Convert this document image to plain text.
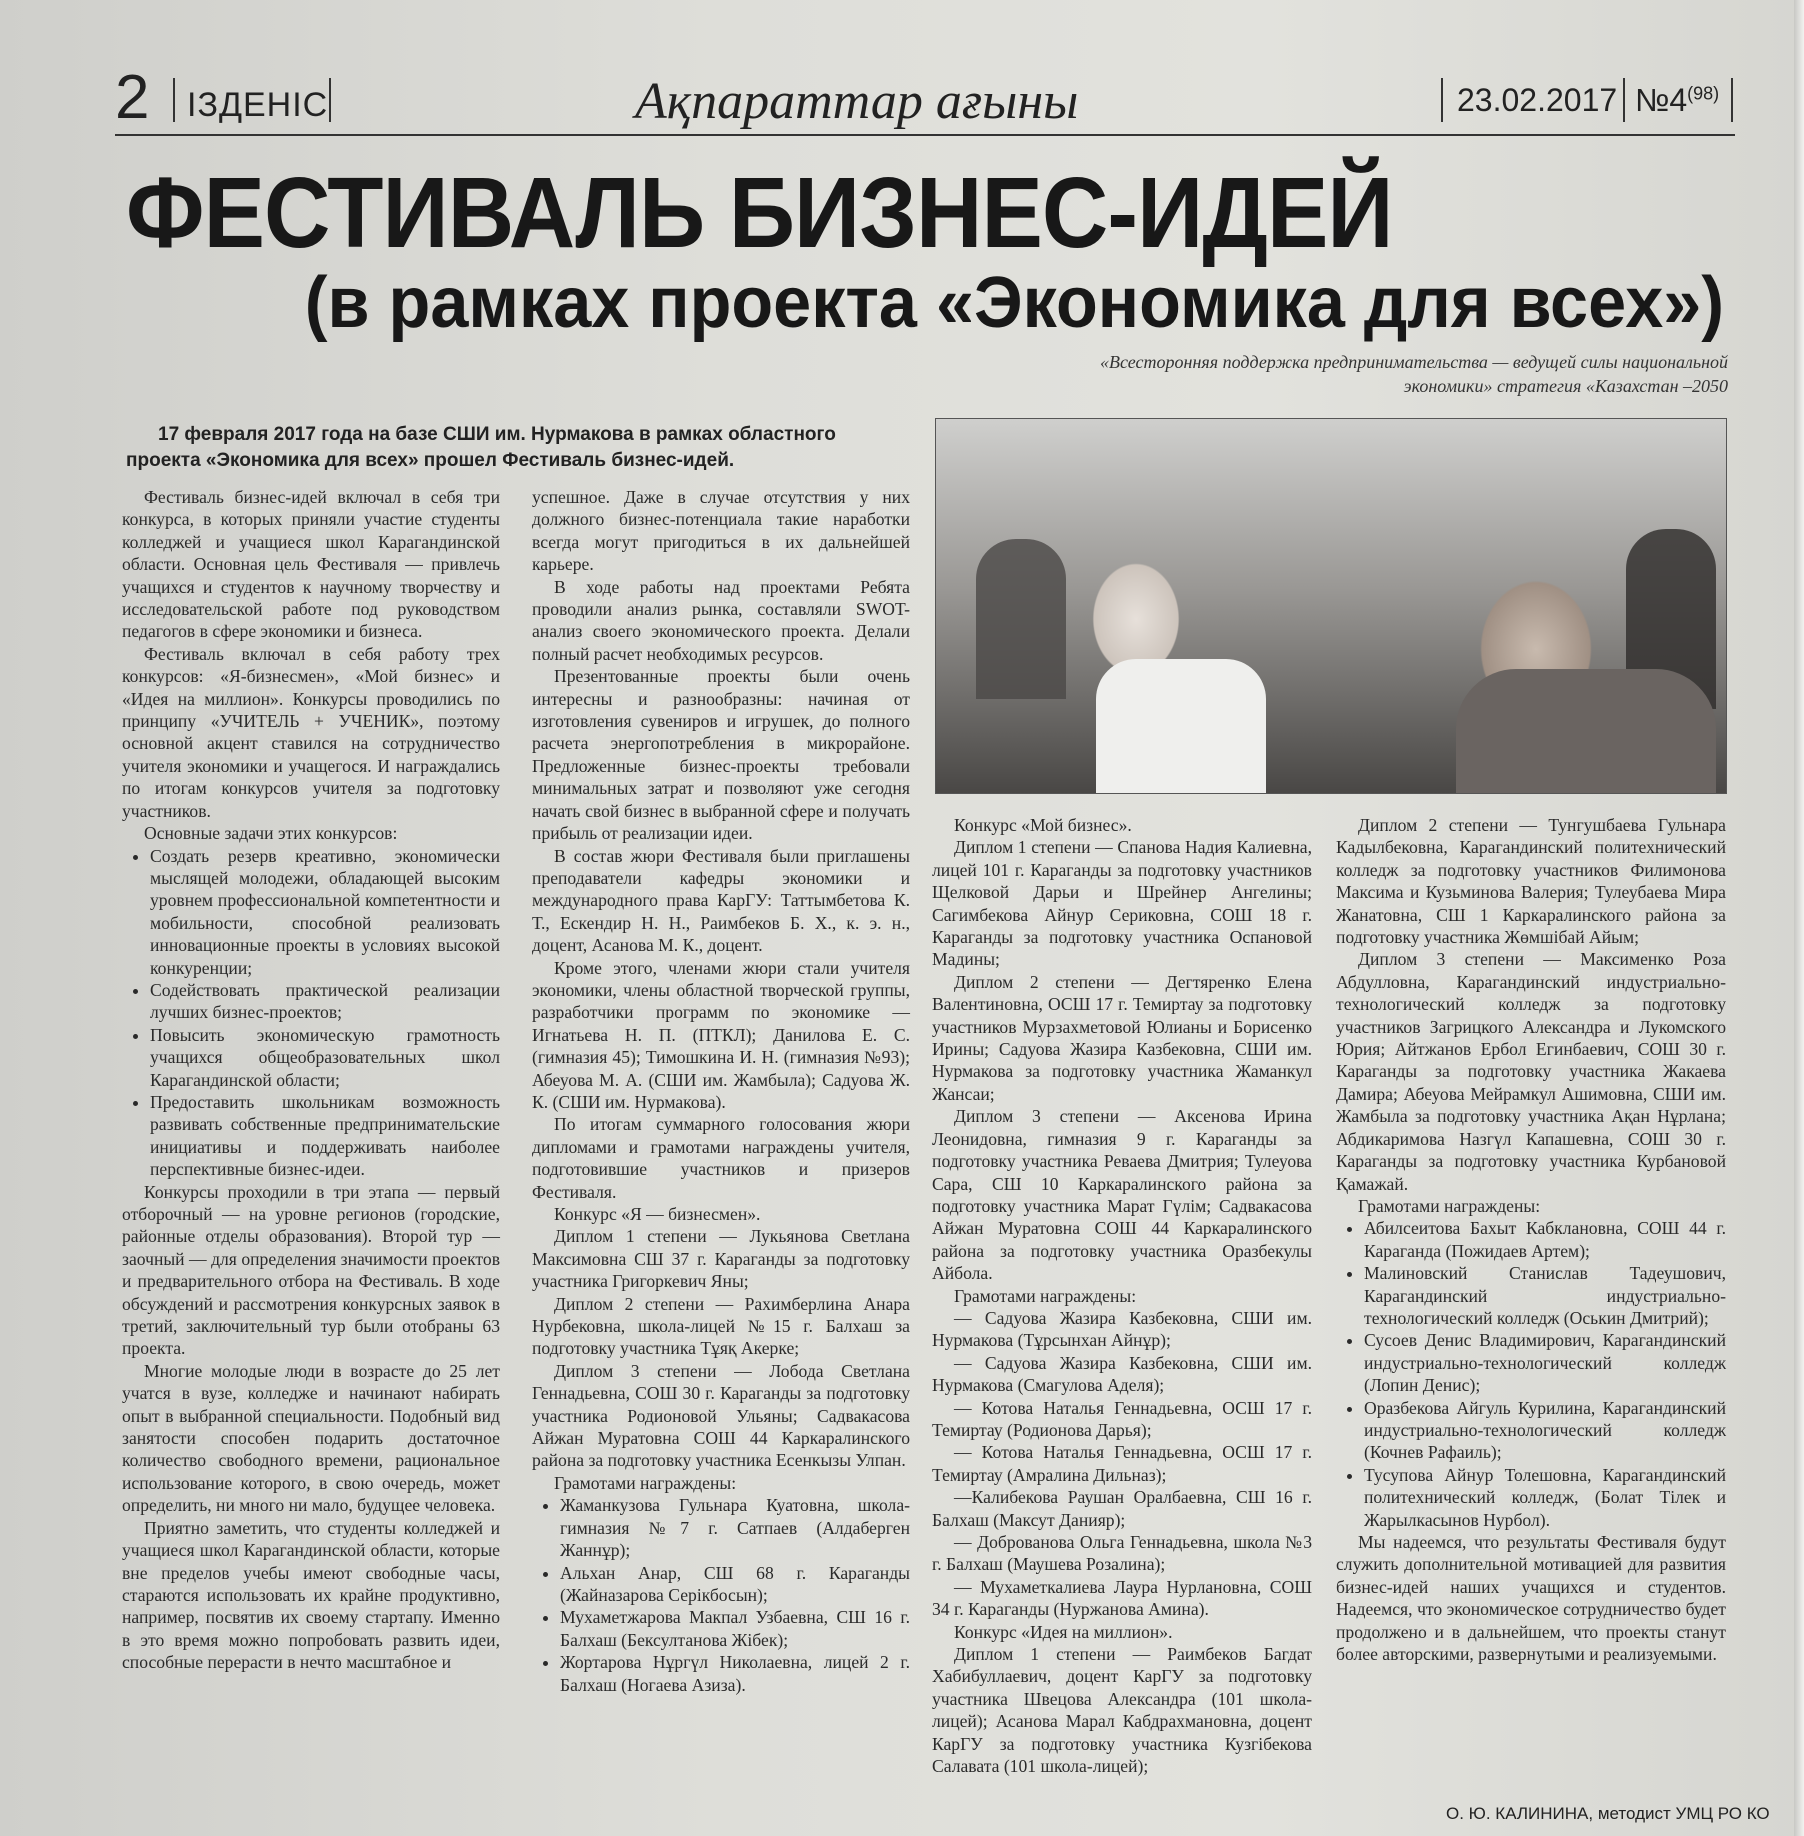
2 ІЗДЕНІС	Ақпараттар ағыны	23.02.2017 №4$^{(98)}$
ФЕСТИВАЛЬ БИЗНЕС-ИДЕЙ
(в рамках проекта «Экономика для всех»)
«Всесторонняя поддержка предпринимательства — ведущей силы национальной экономики» стратегия «Казахстан –2050
17 февраля 2017 года на базе СШИ им. Нурмакова в рамках областного проекта «Экономика для всех» прошел Фестиваль бизнес-идей.

Фестиваль бизнес-идей включал в себя три конкурса, в которых приняли участие студенты колледжей и учащиеся школ Карагандинской области. Основная цель Фестиваля — привлечь учащихся и студентов к научному творчеству и исследовательской работе под руководством педагогов в сфере экономики и бизнеса.

Фестиваль включал в себя работу трех конкурсов: «Я-бизнесмен», «Мой бизнес» и «Идея на миллион». Конкурсы проводились по принципу «УЧИТЕЛЬ + УЧЕНИК», поэтому основной акцент ставился на сотрудничество учителя экономики и учащегося. И награждались по итогам конкурсов учителя за подготовку участников.

Основные задачи этих конкурсов:

• Создать резерв креативно, экономически мыслящей молодежи, обладающей высоким уровнем профессиональной компетентности и мобильности, способной реализовать инновационные проекты в условиях высокой конкуренции;
• Содействовать практической реализации лучших бизнес-проектов;
• Повысить экономическую грамотность учащихся общеобразовательных школ Карагандинской области;
• Предоставить школьникам возможность развивать собственные предпринимательские инициативы и поддерживать наиболее перспективные бизнес-идеи.

Конкурсы проходили в три этапа — первый отборочный — на уровне регионов (городские, районные отделы образования). Второй тур — заочный — для определения значимости проектов и предварительного отбора на Фестиваль. В ходе обсуждений и рассмотрения конкурсных заявок в третий, заключительный тур были отобраны 63 проекта.

Многие молодые люди в возрасте до 25 лет учатся в вузе, колледже и начинают набирать опыт в выбранной специальности. Подобный вид занятости способен подарить достаточное количество свободного времени, рациональное использование которого, в свою очередь, может определить, ни много ни мало, будущее человека.

Приятно заметить, что студенты колледжей и учащиеся школ Карагандинской области, которые вне пределов учебы имеют свободные часы, стараются использовать их крайне продуктивно, например, посвятив их своему стартапу. Именно в это время можно попробовать развить идеи, способные перерасти в нечто масштабное и

успешное. Даже в случае отсутствия у них должного бизнес-потенциала такие наработки всегда могут пригодиться в их дальнейшей карьере.

В ходе работы над проектами Ребята проводили анализ рынка, составляли SWOT- анализ своего экономического проекта. Делали полный расчет необходимых ресурсов.

Презентованные проекты были очень интересны и разнообразны: начиная от изготовления сувениров и игрушек, до полного расчета энергопотребления в микрорайоне. Предложенные бизнес-проекты требовали минимальных затрат и позволяют уже сегодня начать свой бизнес в выбранной сфере и получать прибыль от реализации идеи.

В состав жюри Фестиваля были приглашены преподаватели кафедры экономики и международного права КарГУ: Таттымбетова К. Т., Ескендир Н. Н., Раимбеков Б. Х., к. э. н., доцент, Асанова М. К., доцент.

Кроме этого, членами жюри стали учителя экономики, члены областной творческой группы, разработчики программ по экономике — Игнатьева Н. П. (ПТКЛ); Данилова Е. С. (гимназия 45); Тимошкина И. Н. (гимназия №93); Абеуова М. А. (СШИ им. Жамбыла); Садуова Ж. К. (СШИ им. Нурмакова).

По итогам суммарного голосования жюри дипломами и грамотами награждены учителя, подготовившие участников и призеров Фестиваля.

Конкурс «Я — бизнесмен».

Диплом 1 степени — Лукьянова Светлана Максимовна СШ 37 г. Караганды за подготовку участника Григоркевич Яны;

Диплом 2 степени — Рахимберлина Анара Нурбековна, школа-лицей №15 г. Балхаш за подготовку участника Тұяқ Акерке;

Диплом 3 степени — Лобода Светлана Геннадьевна, СОШ 30 г. Караганды за подготовку участника Родионовой Ульяны; Садвакасова Айжан Муратовна СОШ 44 Каркаралинского района за подготовку участника Есенкызы Улпан.

Грамотами награждены:

• Жаманкузова Гульнара Куатовна, школа-гимназия №7 г. Сатпаев (Алдаберген Жаннұр);
• Альхан Анар, СШ 68 г. Караганды (Жайназарова Серікбосын);
• Мухаметжарова Макпал Узбаевна, СШ 16 г. Балхаш (Бексултанова Жібек);
• Жортарова Нұргүл Николаевна, лицей 2 г. Балхаш (Ногаева Азиза).

Конкурс «Мой бизнес».

Диплом 1 степени — Спанова Надия Калиевна, лицей 101 г. Караганды за подготовку участников Щелковой Дарьи и Шрейнер Ангелины; Сагимбекова Айнур Сериковна, СОШ 18 г. Караганды за подготовку участника Оспановой Мадины;

Диплом 2 степени — Дегтяренко Елена Валентиновна, ОСШ 17 г. Темиртау за подготовку участников Мурзахметовой Юлианы и Борисенко Ирины; Садуова Жазира Казбековна, СШИ им. Нурмакова за подготовку участника Жаманкул Жансаи;

Диплом 3 степени — Аксенова Ирина Леонидовна, гимназия 9 г. Караганды за подготовку участника Реваева Дмитрия; Тулеуова Сара, СШ 10 Каркаралинского района за подготовку участника Марат Гүлім; Садвакасова Айжан Муратовна СОШ 44 Каркаралинского района за подготовку участника Оразбекулы Айбола.

Грамотами награждены:

— Садуова Жазира Казбековна, СШИ им. Нурмакова (Тұрсынхан Айнұр);

— Садуова Жазира Казбековна, СШИ им. Нурмакова (Смагулова Аделя);

— Котова Наталья Геннадьевна, ОСШ 17 г. Темиртау (Родионова Дарья);

— Котова Наталья Геннадьевна, ОСШ 17 г. Темиртау (Амралина Дильназ);

—Калибекова Раушан Оралбаевна, СШ 16 г. Балхаш (Максут Данияр);

— Доброванова Ольга Геннадьевна, школа №3 г. Балхаш (Маушева Розалина);

— Мухаметкалиева Лаура Нурлановна, СОШ 34 г. Караганды (Нуржанова Амина).

Конкурс «Идея на миллион».

Диплом 1 степени — Раимбеков Багдат Хабибуллаевич, доцент КарГУ за подготовку участника Швецова Александра (101 школа-лицей); Асанова Марал Кабдрахмановна, доцент КарГУ за подготовку участника Кузгібекова Салавата (101 школа-лицей);

Диплом 2 степени — Тунгушбаева Гульнара Кадылбековна, Карагандинский политехнический колледж за подготовку участников Филимонова Максима и Кузьминова Валерия; Тулеубаева Мира Жанатовна, СШ 1 Каркаралинского района за подготовку участника Жөмшібай Айым;

Диплом 3 степени — Максименко Роза Абдулловна, Карагандинский индустриально-технологический колледж за подготовку участников Загрицкого Александра и Лукомского Юрия; Айтжанов Ербол Егинбаевич, СОШ 30 г. Караганды за подготовку участника Жакаева Дамира; Абеуова Мейрамкул Ашимовна, СШИ им. Жамбыла за подготовку участника Ақан Нұрлана; Абдикаримова Назгүл Капашевна, СОШ 30 г. Караганды за подготовку участника Курбановой Қамажай.

Грамотами награждены:

• Абилсеитова Бахыт Кабклановна, СОШ 44 г. Караганда (Пожидаев Артем);
• Малиновский Станислав Тадеушович, Карагандинский индустриально-технологический колледж (Оськин Дмитрий);
• Сусоев Денис Владимирович, Карагандинский индустриально-технологический колледж (Лопин Денис);
• Оразбекова Айгуль Курилина, Карагандинский индустриально-технологический колледж (Кочнев Рафаиль);
• Тусупова Айнур Толешовна, Карагандинский политехнический колледж, (Болат Тілек и Жарылкасынов Нурбол).

Мы надеемся, что результаты Фестиваля будут служить дополнительной мотивацией для развития бизнес-идей наших учащихся и студентов. Надеемся, что экономическое сотрудничество будет продолжено и в дальнейшем, что проекты станут более авторскими, развернутыми и реализуемыми.

О. Ю. КАЛИНИНА, методист УМЦ РО КО
